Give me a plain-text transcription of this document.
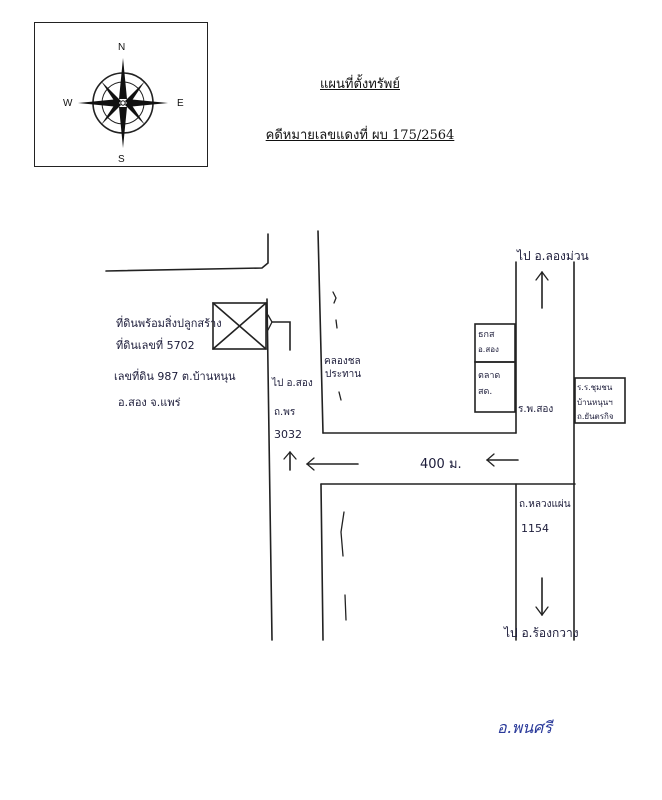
N
S
E
W
แผนที่ตั้งทรัพย์
คดีหมายเลขแดงที่ ผบ 175/2564
ที่ดินพร้อมสิ่งปลูกสร้าง
ที่ดินเลขที่ 5702
เลขที่ดิน 987 ต.บ้านหนุน
อ.สอง จ.แพร่
ไป อ.สอง
ถ.พร
3032
คลองชล
ประทาน
400 ม.
ไป อ.ลองม่วน
ไป อ.ร้องกวาง
ธกส
อ.สอง
ตลาด
สด.
ร.พ.สอง
ร.ร.ชุมชน
บ้านหนุนฯ
ถ.ยันตรกิจ
ถ.หลวงแผ่น
1154
อ.พนศรี
